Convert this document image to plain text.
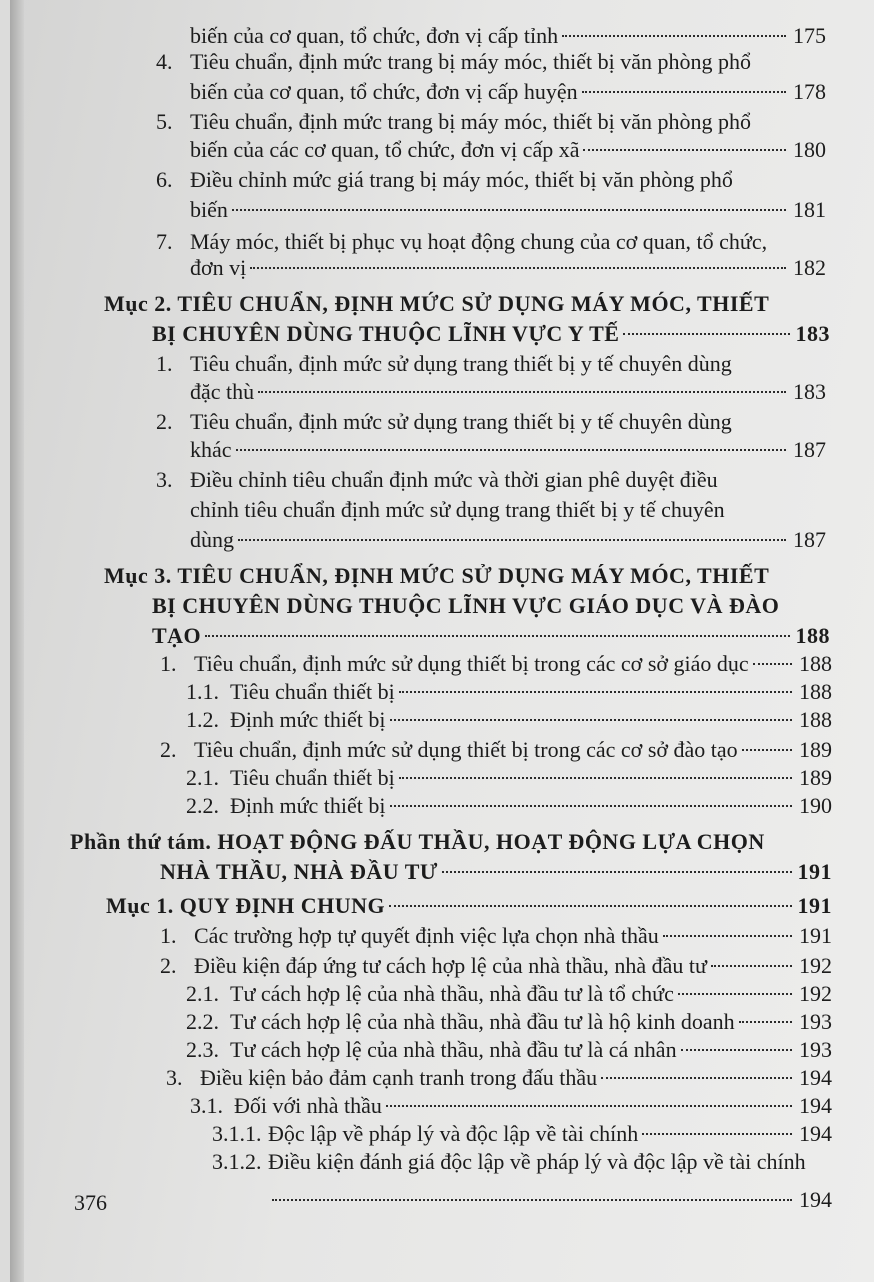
biến của cơ quan, tổ chức, đơn vị cấp tỉnh	175
4. Tiêu chuẩn, định mức trang bị máy móc, thiết bị văn phòng phổ
biến của cơ quan, tổ chức, đơn vị cấp huyện	178
5. Tiêu chuẩn, định mức trang bị máy móc, thiết bị văn phòng phổ
biến của các cơ quan, tổ chức, đơn vị cấp xã	180
6. Điều chỉnh mức giá trang bị máy móc, thiết bị văn phòng phổ
biến	181
7. Máy móc, thiết bị phục vụ hoạt động chung của cơ quan, tổ chức,
đơn vị	182
Mục 2. TIÊU CHUẨN, ĐỊNH MỨC SỬ DỤNG MÁY MÓC, THIẾT
BỊ CHUYÊN DÙNG THUỘC LĨNH VỰC Y TẾ	183
1. Tiêu chuẩn, định mức sử dụng trang thiết bị y tế chuyên dùng
đặc thù	183
2. Tiêu chuẩn, định mức sử dụng trang thiết bị y tế chuyên dùng
khác	187
3. Điều chỉnh tiêu chuẩn định mức và thời gian phê duyệt điều
chỉnh tiêu chuẩn định mức sử dụng trang thiết bị y tế chuyên
dùng	187
Mục 3. TIÊU CHUẨN, ĐỊNH MỨC SỬ DỤNG MÁY MÓC, THIẾT
BỊ CHUYÊN DÙNG THUỘC LĨNH VỰC GIÁO DỤC VÀ ĐÀO
TẠO	188
1. Tiêu chuẩn, định mức sử dụng thiết bị trong các cơ sở giáo dục 188
1.1. Tiêu chuẩn thiết bị	188
1.2. Định mức thiết bị	188
2. Tiêu chuẩn, định mức sử dụng thiết bị trong các cơ sở đào tạo	189
2.1. Tiêu chuẩn thiết bị	189
2.2. Định mức thiết bị	190
Phần thứ tám. HOẠT ĐỘNG ĐẤU THẦU, HOẠT ĐỘNG LỰA CHỌN
NHÀ THẦU, NHÀ ĐẦU TƯ	191
Mục 1. QUY ĐỊNH CHUNG	191
1. Các trường hợp tự quyết định việc lựa chọn nhà thầu	191
2. Điều kiện đáp ứng tư cách hợp lệ của nhà thầu, nhà đầu tư	192
2.1. Tư cách hợp lệ của nhà thầu, nhà đầu tư là tổ chức	192
2.2. Tư cách hợp lệ của nhà thầu, nhà đầu tư là hộ kinh doanh	193
2.3. Tư cách hợp lệ của nhà thầu, nhà đầu tư là cá nhân	193
3. Điều kiện bảo đảm cạnh tranh trong đấu thầu	194
3.1. Đối với nhà thầu	194
3.1.1. Độc lập về pháp lý và độc lập về tài chính	194
3.1.2. Điều kiện đánh giá độc lập về pháp lý và độc lập về tài chính
194
376
